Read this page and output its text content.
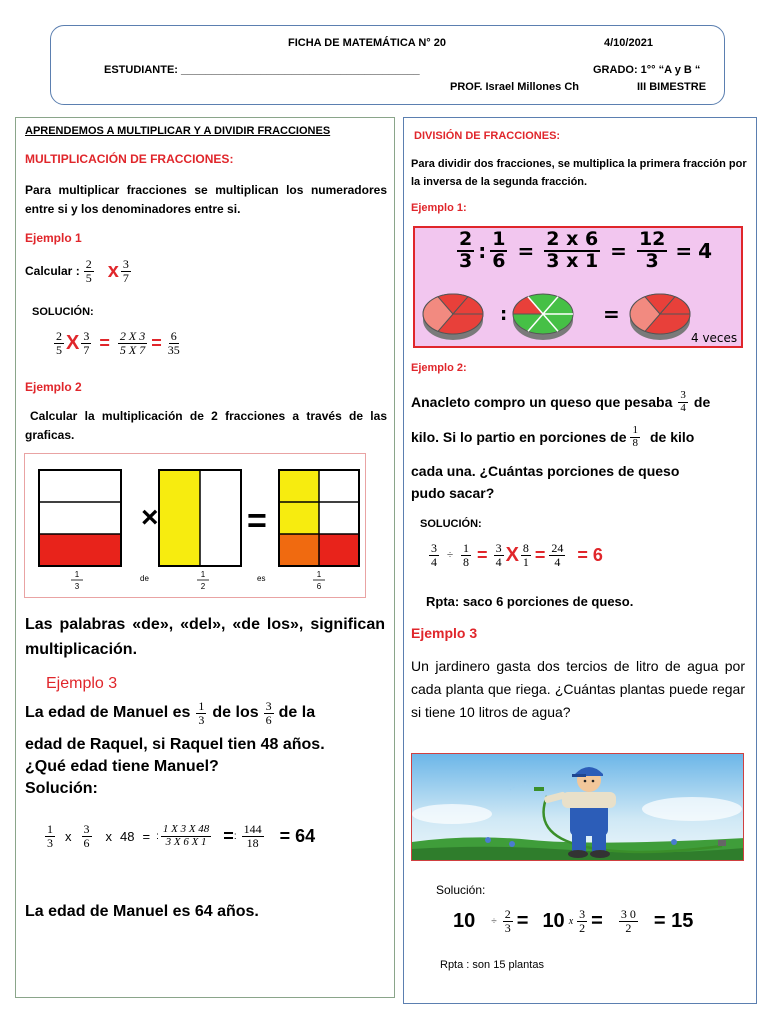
FICHA DE MATEMÁTICA N° 20	4/10/2021
ESTUDIANTE: _______________________________________	GRADO: 1°° “A y B “
PROF. Israel Millones Ch	III BIMESTRE
APRENDEMOS A MULTIPLICAR Y A DIVIDIR FRACCIONES
MULTIPLICACIÓN DE FRACCIONES:
Para multiplicar fracciones se multiplican los numeradores entre si y los denominadores entre si.
Ejemplo 1
Calcular : $\frac{2}{5}$ x $\frac{3}{7}$
SOLUCIÓN:
$\frac{2}{5}$ X $\frac{3}{7} = \frac{2 X 3}{5 X 7} = \frac{6}{35}$
Ejemplo 2
Calcular la multiplicación de 2 fracciones a través de las graficas.
×	=
1
3
de	1
2
es	1
6
Las palabras «de», «del», «de los», significan multiplicación.
Ejemplo 3
La edad de Manuel es $\frac{1}{3}$ de los $\frac{3}{6}$ de la
edad de Raquel, si Raquel tien 48 años.
¿Qué edad tiene Manuel?
Solución:
$\frac{1}{3}$ x $\frac{3}{6}$ x 48 = : $\frac{1 X 3 X 48}{3 X 6 X 1}$ = : $\frac{144}{18} = 64$
La edad de Manuel es 64 años.
DIVISIÓN DE FRACCIONES:
Para dividir dos fracciones, se multiplica la primera fracción por la inversa de la segunda fracción.
Ejemplo 1:
$\frac{2}{3}$ : $\frac{1}{6} = \frac{2 x 6}{3 x 1} = \frac{12}{3} = 4$
:	=
4 veces
Ejemplo 2:
Anacleto compro un queso que pesaba $\frac{3}{4}$ de
kilo. Si lo partio en porciones de $\frac{1}{8}$ de kilo
cada una. ¿Cuántas porciones de queso
pudo sacar?
SOLUCIÓN:
$\frac{3}{4} \div \frac{1}{8} = \frac{3}{4}$ X $\frac{8}{1} = \frac{24}{4} = 6$
Rpta: saco 6 porciones de queso.
Ejemplo 3
Un jardinero gasta dos tercios de litro de agua por cada planta que riega. ¿Cuántas plantas puede regar si tiene 10 litros de agua?
Solución:
$10 \div \frac{2}{3} = 10$ x $\frac{3}{2} = \frac{3 0}{2} = 15$
Rpta : son 15 plantas
